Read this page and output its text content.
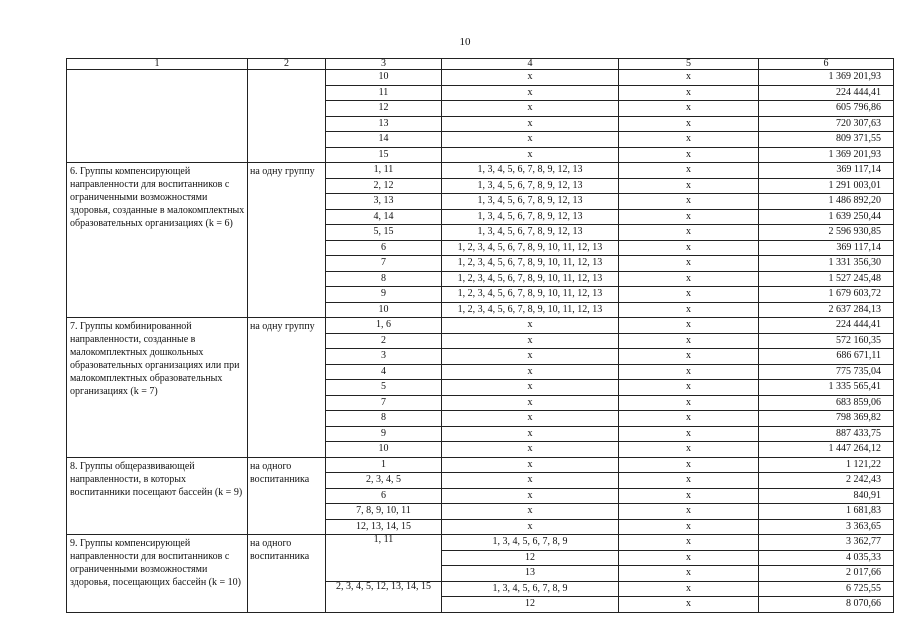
10
1	2	3	4	5	6
		10	x	x	1 369 201,93
		11	x	x	224 444,41
		12	x	x	605 796,86
		13	x	x	720 307,63
		14	x	x	809 371,55
		15	x	x	1 369 201,93
6. Группы компенсирующей направленности для воспитанников с ограниченными возможностями здоровья, созданные в малокомплектных образовательных организациях (k = 6)	на одну группу	1, 11	1, 3, 4, 5, 6, 7, 8, 9, 12, 13	x	369 117,14
		2, 12	1, 3, 4, 5, 6, 7, 8, 9, 12, 13	x	1 291 003,01
		3, 13	1, 3, 4, 5, 6, 7, 8, 9, 12, 13	x	1 486 892,20
		4, 14	1, 3, 4, 5, 6, 7, 8, 9, 12, 13	x	1 639 250,44
		5, 15	1, 3, 4, 5, 6, 7, 8, 9, 12, 13	x	2 596 930,85
		6	1, 2, 3, 4, 5, 6, 7, 8, 9, 10, 11, 12, 13	x	369 117,14
		7	1, 2, 3, 4, 5, 6, 7, 8, 9, 10, 11, 12, 13	x	1 331 356,30
		8	1, 2, 3, 4, 5, 6, 7, 8, 9, 10, 11, 12, 13	x	1 527 245,48
		9	1, 2, 3, 4, 5, 6, 7, 8, 9, 10, 11, 12, 13	x	1 679 603,72
		10	1, 2, 3, 4, 5, 6, 7, 8, 9, 10, 11, 12, 13	x	2 637 284,13
7. Группы комбинированной направленности, созданные в малокомплектных дошкольных образовательных организациях или при малокомплектных образовательных организациях (k = 7)	на одну группу	1, 6	x	x	224 444,41
		2	x	x	572 160,35
		3	x	x	686 671,11
		4	x	x	775 735,04
		5	x	x	1 335 565,41
		7	x	x	683 859,06
		8	x	x	798 369,82
		9	x	x	887 433,75
		10	x	x	1 447 264,12
8. Группы общеразвивающей направленности, в которых воспитанники посещают бассейн (k = 9)	на одного воспитанника	1	x	x	1 121,22
		2, 3, 4, 5	x	x	2 242,43
		6	x	x	840,91
		7, 8, 9, 10, 11	x	x	1 681,83
		12, 13, 14, 15	x	x	3 363,65
9. Группы компенсирующей направленности для воспитанников с ограниченными возможностями здоровья, посещающих бассейн (k = 10)	на одного воспитанника	1, 11	1, 3, 4, 5, 6, 7, 8, 9	x	3 362,77
			12	x	4 035,33
			13	x	2 017,66
		2, 3, 4, 5, 12, 13, 14, 15	1, 3, 4, 5, 6, 7, 8, 9	x	6 725,55
			12	x	8 070,66
